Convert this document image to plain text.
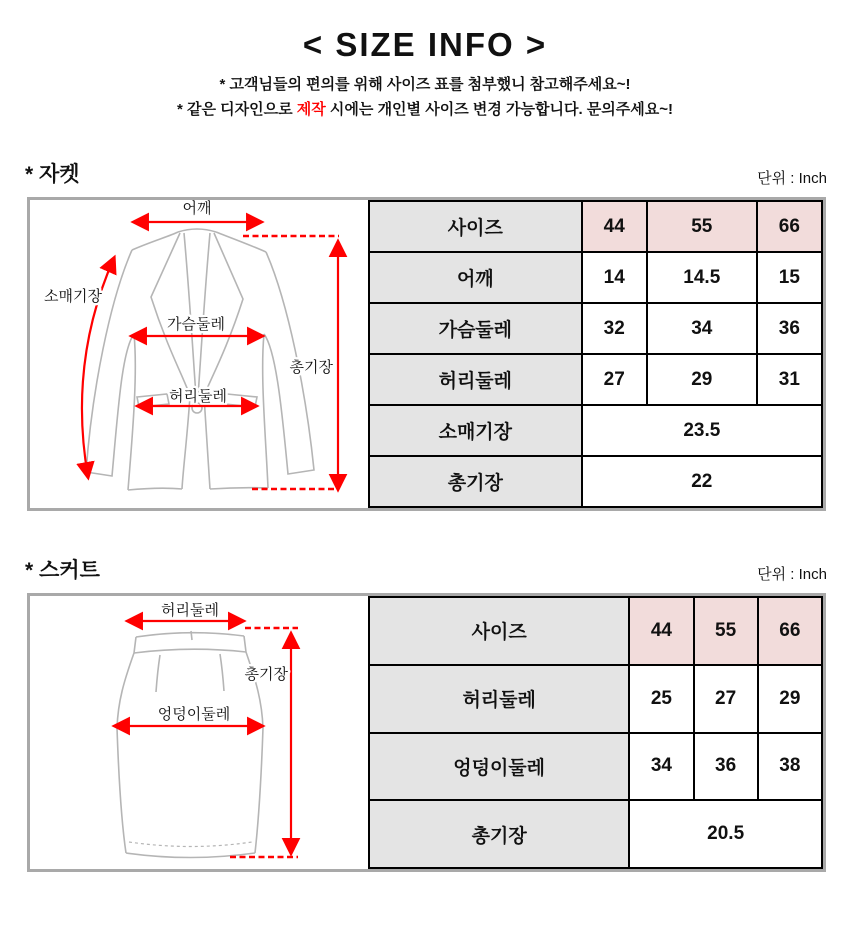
< SIZE INFO >
* 고객님들의 편의를 위해 사이즈 표를 첨부했니 참고해주세요~!
* 같은 디자인으로 제작 시에는 개인별 사이즈 변경 가능합니다. 문의주세요~!
* 자켓	단위 : Inch
어깨
총기장
소매기장
가슴둘레
허리둘레
사이즈	44	55	66
어깨	14	14.5	15
가슴둘레	32	34	36
허리둘레	27	29	31
소매기장	23.5		
총기장	22		
* 스커트	단위 : Inch
허리둘레
총기장
엉덩이둘레
사이즈	44	55	66
허리둘레	25	27	29
엉덩이둘레	34	36	38
총기장	20.5		
